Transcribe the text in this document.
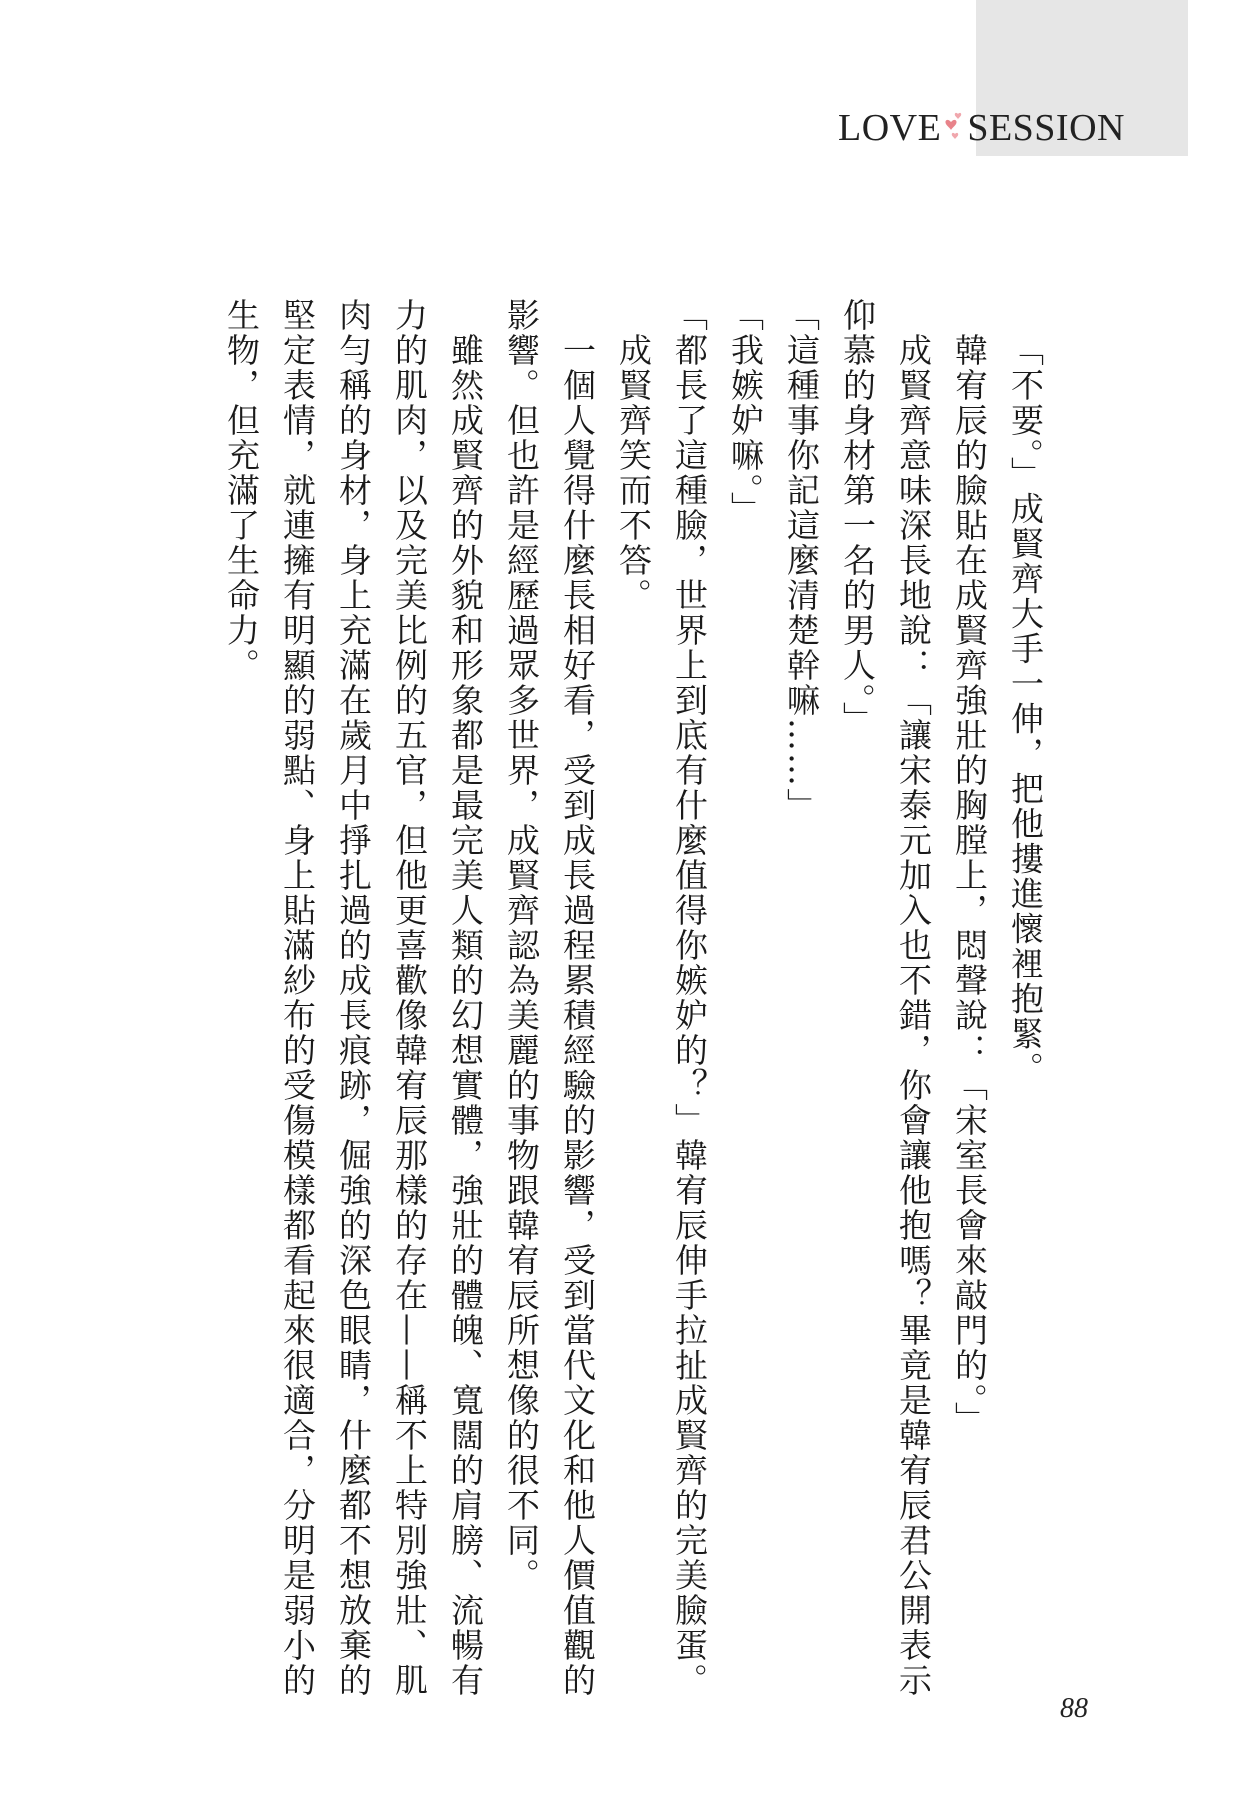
LOVE SESSION

「不要。」成賢齊大手一伸，把他摟進懷裡抱緊。

韓宥辰的臉貼在成賢齊強壯的胸膛上，悶聲說：「宋室長會來敲門的。」

成賢齊意味深長地說：「讓宋泰元加入也不錯，你會讓他抱嗎？畢竟是韓宥辰君公開表示仰慕的身材第一名的男人。」

「這種事你記這麼清楚幹嘛……」

「我嫉妒嘛。」

「都長了這種臉，世界上到底有什麼值得你嫉妒的？」韓宥辰伸手拉扯成賢齊的完美臉蛋。

成賢齊笑而不答。

一個人覺得什麼長相好看，受到成長過程累積經驗的影響，受到當代文化和他人價值觀的影響。但也許是經歷過眾多世界，成賢齊認為美麗的事物跟韓宥辰所想像的很不同。

雖然成賢齊的外貌和形象都是最完美人類的幻想實體，強壯的體魄、寬闊的肩膀、流暢有力的肌肉，以及完美比例的五官，但他更喜歡像韓宥辰那樣的存在——稱不上特別強壯、肌肉勻稱的身材，身上充滿在歲月中掙扎過的成長痕跡，倔強的深色眼睛，什麼都不想放棄的堅定表情，就連擁有明顯的弱點、身上貼滿紗布的受傷模樣都看起來很適合，分明是弱小的生物，但充滿了生命力。

88
